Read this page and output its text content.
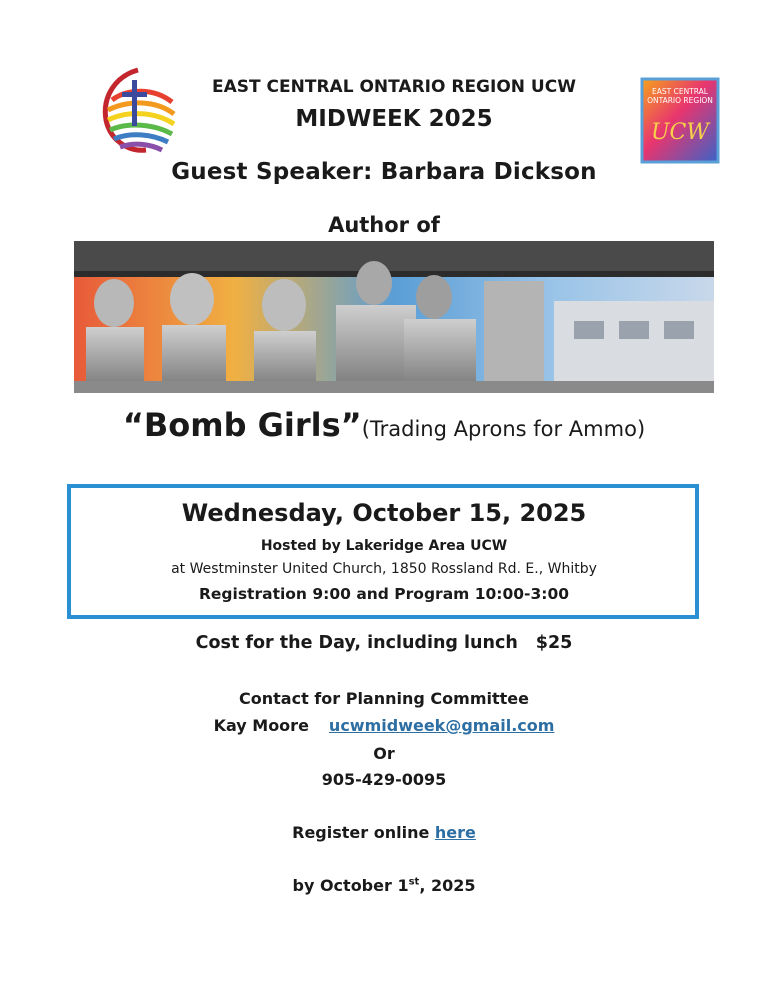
EAST CENTRAL
ONTARIO REGION
UCW
EAST CENTRAL ONTARIO REGION UCW
MIDWEEK 2025
Guest Speaker: Barbara Dickson
Author of
“Bomb Girls”(Trading Aprons for Ammo)
Wednesday, October 15, 2025
Hosted by Lakeridge Area UCW
at Westminster United Church, 1850 Rossland Rd. E., Whitby
Registration 9:00 and Program 10:00-3:00
Cost for the Day, including lunch $25
Contact for Planning Committee
Kay Moore ucwmidweek@gmail.com
Or
905-429-0095
Register online here
by October 1st, 2025
